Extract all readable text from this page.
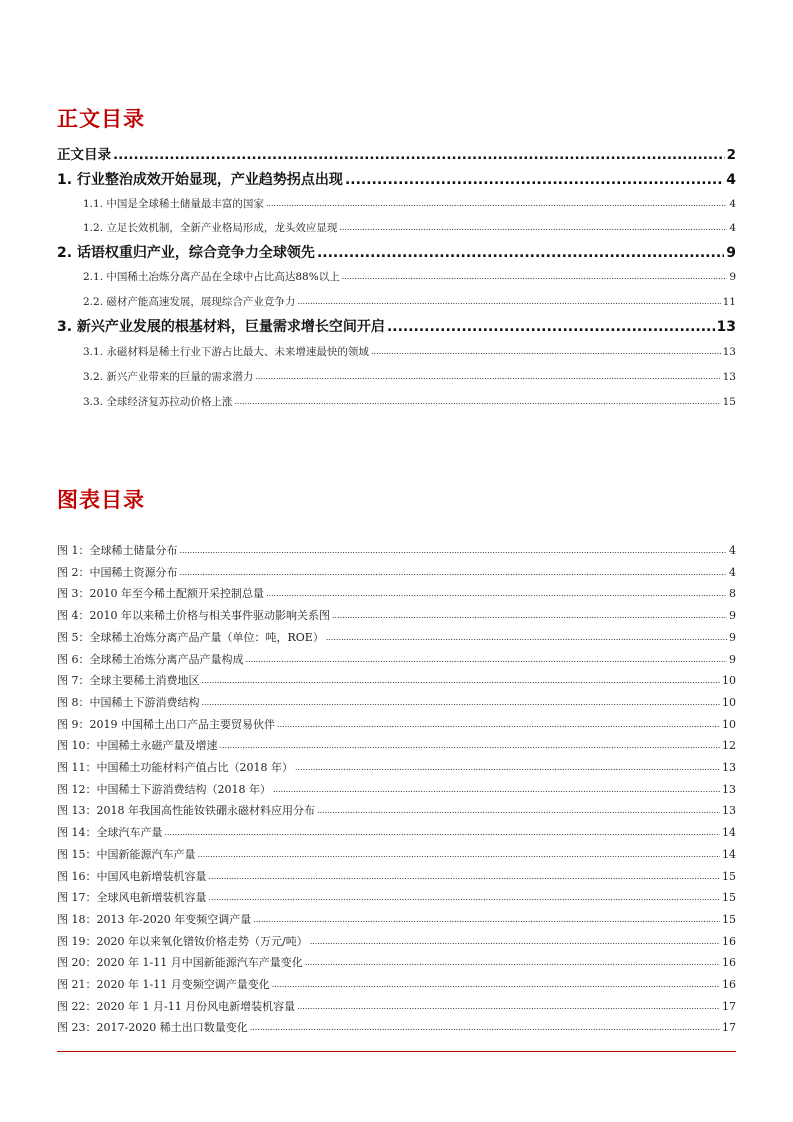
正文目录
正文目录 .....	2
1. 行业整治成效开始显现，产业趋势拐点出现 .....	4
1.1. 中国是全球稀土储量最丰富的国家 .....	4
1.2. 立足长效机制，全新产业格局形成，龙头效应显现 .....	4
2. 话语权重归产业，综合竞争力全球领先 .....	9
2.1. 中国稀土冶炼分离产品在全球中占比高达88%以上 .....	9
2.2. 磁材产能高速发展，展现综合产业竞争力 .....	11
3. 新兴产业发展的根基材料，巨量需求增长空间开启 .....	13
3.1. 永磁材料是稀土行业下游占比最大、未来增速最快的领域 .....	13
3.2. 新兴产业带来的巨量的需求潜力 .....	13
3.3. 全球经济复苏拉动价格上涨 .....	15
图表目录
图 1：全球稀土储量分布 .....	4
图 2：中国稀土资源分布 .....	4
图 3：2010 年至今稀土配额开采控制总量 .....	8
图 4：2010 年以来稀土价格与相关事件驱动影响关系图 .....	9
图 5：全球稀土冶炼分离产品产量（单位：吨，ROE） .....	9
图 6：全球稀土冶炼分离产品产量构成 .....	9
图 7：全球主要稀土消费地区 .....	10
图 8：中国稀土下游消费结构 .....	10
图 9：2019 中国稀土出口产品主要贸易伙伴 .....	10
图 10：中国稀土永磁产量及增速 .....	12
图 11：中国稀土功能材料产值占比（2018 年） .....	13
图 12：中国稀土下游消费结构（2018 年） .....	13
图 13：2018 年我国高性能钕铁硼永磁材料应用分布 .....	13
图 14：全球汽车产量 .....	14
图 15：中国新能源汽车产量 .....	14
图 16：中国风电新增装机容量 .....	15
图 17：全球风电新增装机容量 .....	15
图 18：2013 年-2020 年变频空调产量 .....	15
图 19：2020 年以来氧化镨钕价格走势（万元/吨） .....	16
图 20：2020 年 1-11 月中国新能源汽车产量变化 .....	16
图 21：2020 年 1-11 月变频空调产量变化 .....	16
图 22：2020 年 1 月-11 月份风电新增装机容量 .....	17
图 23：2017-2020 稀土出口数量变化 .....	17
